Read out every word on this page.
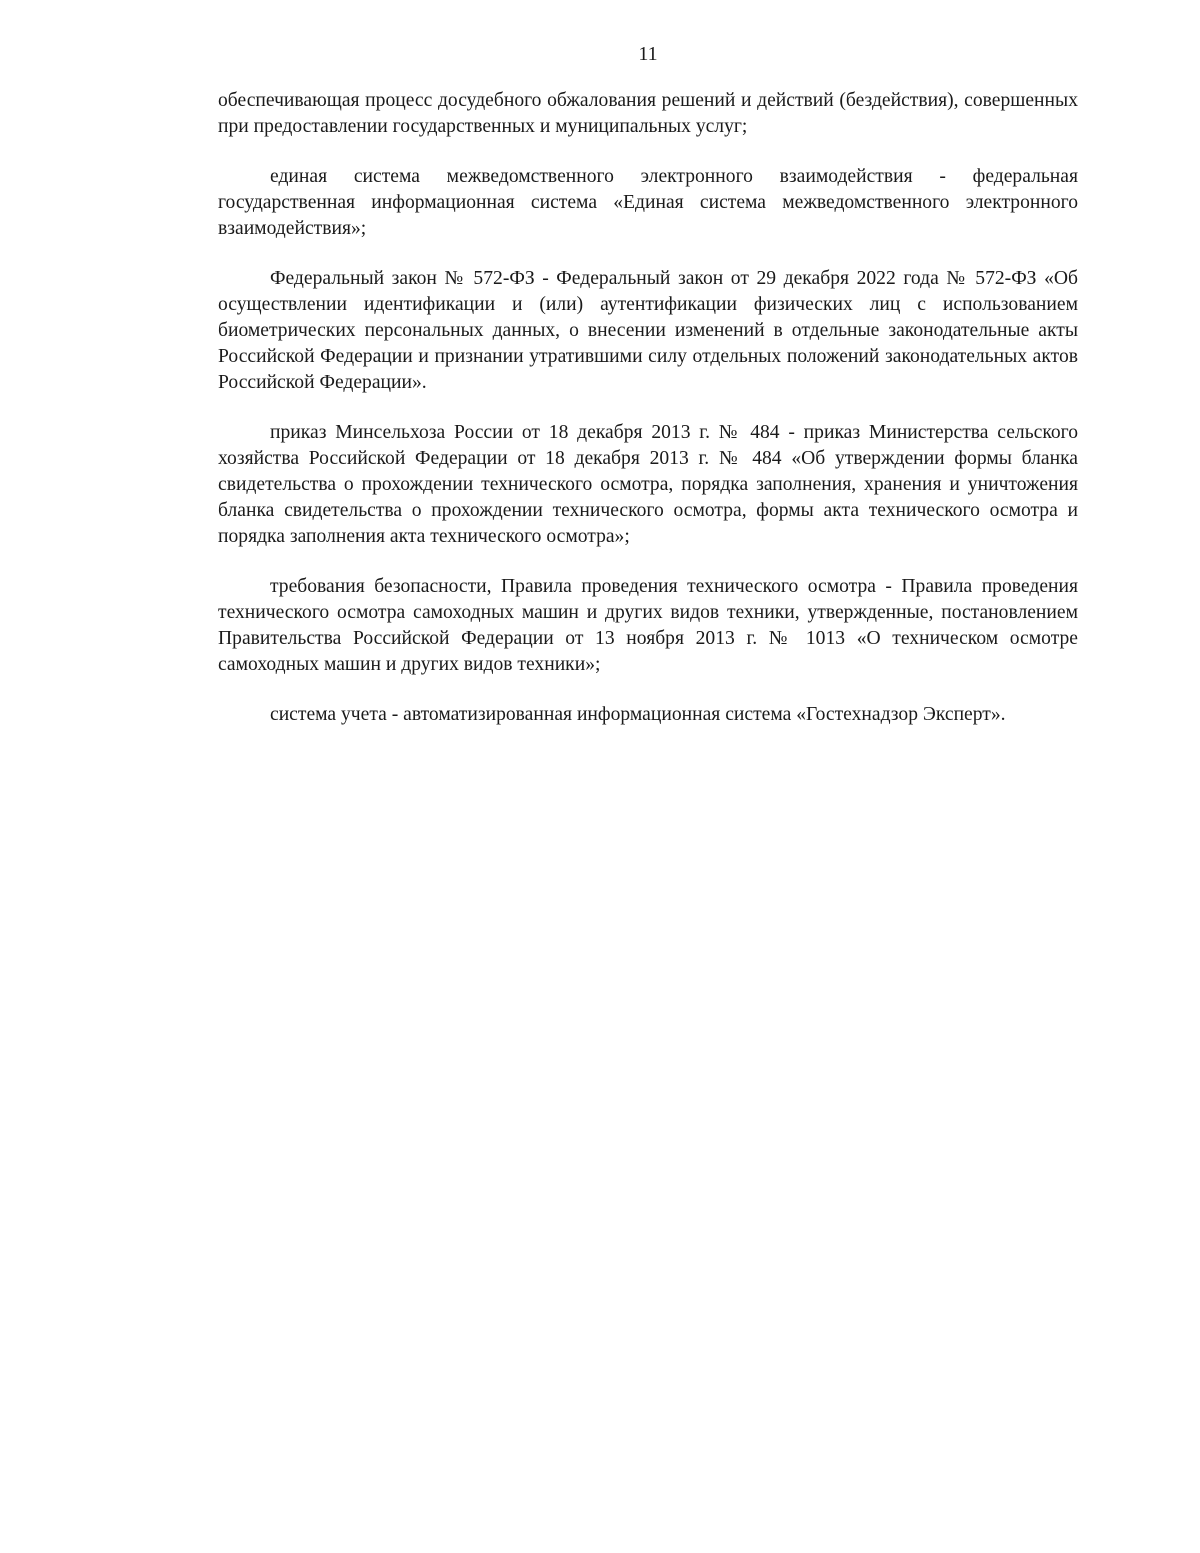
11

обеспечивающая процесс досудебного обжалования решений и действий (бездействия), совершенных при предоставлении государственных и муниципальных услуг;

единая система межведомственного электронного взаимодействия - федеральная государственная информационная система «Единая система межведомственного электронного взаимодействия»;

Федеральный закон № 572-ФЗ - Федеральный закон от 29 декабря 2022 года № 572-ФЗ «Об осуществлении идентификации и (или) аутентификации физических лиц с использованием биометрических персональных данных, о внесении изменений в отдельные законодательные акты Российской Федерации и признании утратившими силу отдельных положений законодательных актов Российской Федерации».

приказ Минсельхоза России от 18 декабря 2013 г. № 484 - приказ Министерства сельского хозяйства Российской Федерации от 18 декабря 2013 г. № 484 «Об утверждении формы бланка свидетельства о прохождении технического осмотра, порядка заполнения, хранения и уничтожения бланка свидетельства о прохождении технического осмотра, формы акта технического осмотра и порядка заполнения акта технического осмотра»;

требования безопасности, Правила проведения технического осмотра - Правила проведения технического осмотра самоходных машин и других видов техники, утвержденные, постановлением Правительства Российской Федерации от 13 ноября 2013 г. № 1013 «О техническом осмотре самоходных машин и других видов техники»;

система учета - автоматизированная информационная система «Гостехнадзор Эксперт».
